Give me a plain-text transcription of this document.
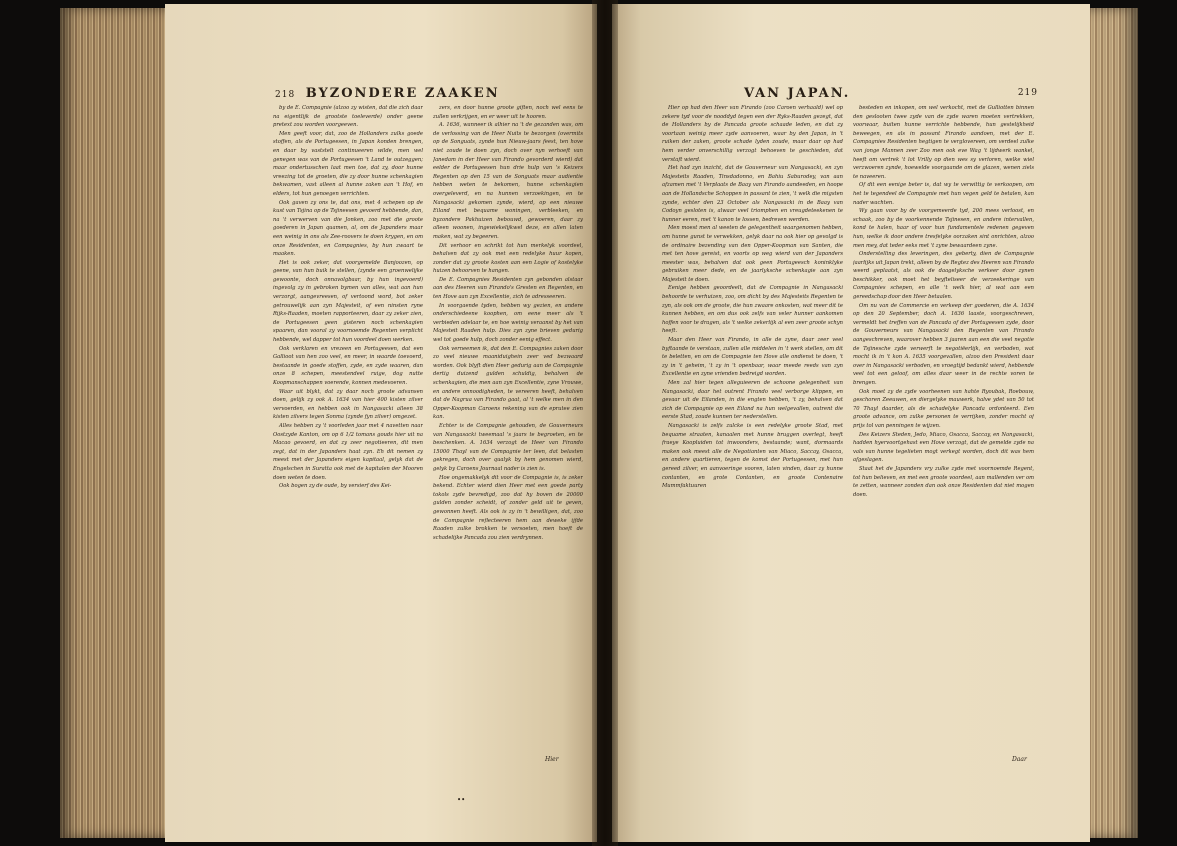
218 BYZONDERE ZAAKEN	VAN JAPAN.	219

by de E. Compagnie (alzoo zy wisten, dat die zich daar na eigentlijk de grootste toeleverde) onder geene pretext zou worden voorgeeven.

Men geeft voor, dat, zoo de Hollanders zulks goede stoffen, als de Portugeesen, in Japan konden brengen, en daar by vaststelt continueeren wilde, men wel genegen was van de Portugeesen 't Land te outzeggen; maar ondertusschen laat men toe, dat zy, door hunne vreezing tot de groeten, die zy door hunne schenkagien bekwamen, vast alleen al hunne zaken aan 't Hof, en elders, tot hun genoegen verrichten.

Ook gaven zy ons te, dat ons, met 4 schepen op de kust van Tsjina op de Tsjineesen gevoerd hebbende, dan, na 't verwerven van die Jonken, zoo met die groote goederen in Japan quamen, al, om de Japanders maar een weinig in ons als Zee-roovers te doen krygen, en om onze Residenten, en Compagnies, by hun zwaart te maaken.

Het is ook zeker, dat voorgemelde Banjoozen, op geene, van hun buik te stellen, (zynde een groenwelijke gewoonte, doch onnavolgbaar, by hun ingevoerd) ingevolg zy in gebroken bymen van alles, wat aan hun verzorgt, aangevreesen, of vertoond word, bot zeker getrouwelijk aan zyn Majesteit, of een ninsten ryne Rijks-Raaden, moeten rapporteeren, daar zy zeker zien, de Portugeesen geen gisteren noch schenkagien spaaren, dan vooral zy voornoemde Regenten verplicht hebbende, wel dapper tot hun voordeel doen werken.

Ook verklaren en vrezeen en Portugeesen, dat een Gallioot van hen zoo veel, en meer, in waarde toevoerd, bestaande in goede stoffen, zyde, en zyde waaren, dan onze 8 schepen, meestendeel ruige, dog nutte Koopmanschappen voerende, konnen medevoeren.

Waar uit blykt, dat zy daar noch groote advansen doen, gelijk zy ook A. 1634 van hier 400 kisten zilver vervoerden, en hebben ook in Nangasacki alleen 38 kisten zilvers tegen Sonma (zynde fyn zilver) omgezet.

Alles hebben zy 't voorleden jaar met 4 navetten naar Oostzyde Kanton, om op 6 1/2 tomans gouds hier uit na Macao gevoerd, en dat zy zeer negotieeren, dit men zegt, dat in der Japanders haat zyn. Eh dit nemen zy meest met der Japanders eigen kapitaal, gelyk dat de Engelschen in Suratta ook met de kapitalen der Mooren doen weten te doen.

Ook bogen zy de oude, by versierf des Kei-

zers, en door hunne groote giften, noch wel eens te zullen verkrijgen, en er weer uit te hooren.

A. 1636, wanneer ik alhier na 't de gezanden was, om de verlossing van de Heer Nuits te bezorgen (overmits op de Songuats, zynde hun Nieuw-jaars feest, ten hove niet zoude te doen zyn, doch over nyn verhoeft van Janedam in der Heer van Firando gevorderd wierd) dat eelder de Portugeesen hun drie hulp van 's Keizers Regenten op den 15 van de Songuats maar audientie hebben weten te bekomen, hunne schenkagien overgeleverd, en na hunnen verzoekingen, en te Nangasacki gekomen zynde, wierd, op een nieuwe Eiland met bequame woningen, verbleeken, en byzondere Pakhuizen bebouwd, gewoeren, daar zy alleen woonen, ingewiekelijkwel deze, en allen laten maken, wat zy begeeren.

Dit verhoor en schrikt tot hun merkelyk voordeel, behalven dat zy ook met een redelyke huur kopen, zonder dat zy groote kosten aan een Logie of kostelyke huizen behoorven te hangen.

De E. Compagnies Residenten zyn gebonden alstaar aan des Heeren van Firando's Gresten en Regenten, en ten Hove aan zyn Excellentie, zich te adresseeren.

In voorgaende tyden, hebben wy gezien, en andere onderschiedeene koophen, om eene meer als 't verbieden adelaar te, en hoe weinig veraanst by het van Majesteit Raaden hulp. Dies zyn zyne brieven gedurig wel tot goede hulp, doch zonder eenig effect.

Ook verneemen ik, dat den E. Compagnies zaken door zo veel nieuwe maaniduighein zeer ved bezwaard worden. Ook blyft dien Heer gedurig aan de Compagnie dertig duizend gulden schuldig, behalven de schenkagien, die men aan zyn Excellentie, zyne Vrouwe, en andere onnoodigheden, te vereeren heeft, behalven dat de Nagrua van Firando gaat, al 't welke men in den Opper-Koopman Caroens rekening van de eprutee zien kan.

Echter is de Compagnie gehouden, de Gouverneurs van Nangasacki tweemaal 's jaars te begroeten, en te beschenken. A. 1634 verzogt de Heer van Firando 15000 Thayl van de Compagnie ter leen, dat belasten gekregen, doch over qualyk by hem genomen wierd, gelyk by Caroens Journaal nader is zien is.

Hoe ongemakkelyk dit voor de Compagnie is, is zeker bekend. Echter wierd dien Heer met een goede party tokols zyde bevredigd, zoo dat hy boven de 20000 gulden zonder scheidt, of zonder geld uit te geven, gewonnen heeft. Als ook is zy in 't bewilligen, dat, zoo de Compagnie reflecteeren hem aan deweke ijfde Raaden zulke brokken te versoeten, men hoeft de schadelijke Pancada zou zien verdrynnen.

Hier
••

Hier op had den Heer van Firando (zoo Caroen verhaald) wel op zekere tyd voor de nooddyd tegen een der Ryks-Raaden gezegt, dat de Hollanders by de Pancada groote schaade leden, en dat zy voortaan weinig meer zyde aanvoeren, waar by den Japan, in 't ruiken der zaken, groote schade lyden zoude, maar daar op had hem verder onverschillig verzogt behoeven te geschieden, dat verstaft wierd.

Het had zyn inzicht, dat de Gouverneur van Nangasacki, en zyn Majesteits Raaden, Tinsdadonno, en Bahiu Saburodey, van aan afzamen met 't Verplaats de Baay van Firando aandeeden, en hoope aan de Hollandsche Schoppen in passant te zien, 't welk die migsten zynde, echter den 23 October als Nangasacki in de Baay van Codoyn gesloten is, alwaar veel triomphen en vreugdeteekenen te hunner eeren, met 't kanon te lossen, bedreven werden.

Men moest men al weeten de gelegentheit waargenomen hebben, om hunne gunst te verwekken, gelyk daar na ook hier op gevolgd is de ordinaire bezending van den Opper-Koopman van Santen, die met ten hove gereist, en voorts op weg wierd van der Japanders meester was, behalven dat ook geen Portugeesch koninklyke gebruiken meer dede, en de jaarlyksche schenkagie aan zyn Majesteit te doen.

Eenige hebben geoordeelt, dat de Compagnie in Nangasacki behoorde te verhuizen, zoo, om dicht by des Majesteits Regenten te zyn, als ook om de groote, die hun zwaare onkosten, wat meer dit te kunnen hebben, en om dus ook zelfs van veler hunner aankomen hoffen voor te dragen, als 't welke zekerlijk al een zeer groote schyn heeft.

Maar den Heer van Firando, in alle de zyne, daar zeer veel byftaande te verstaan, zullen alle middelen in 't werk stellen, om dit te beletten, en om de Compagnie ten Hove alle ondienst te doen, 't zy in 't geheim, 't zy in 't openbaar, waar meede reeds van zyn Excellentie en zyne vrienden bedreigd worden.

Men zal hier tegen alleguieeren de schoone gelegenheit van Nangasacki, daar het outrent Firando veel verborge klippen, en gevaar uit de Eilanden, in die engten hebben, 't zy, behalven dat zich de Compagnie op een Eiland na hun welgevallen, outrent die eerste Stad, zoude kunnen ter nederstellen.

Nangasacki is zelfs zulcke is een redelyke groote Stad, met bequame straaten, kanaalen met hunne bruggen overlegt, heeft fraeye Koopluiden tot inwoonders, bestaande; want, dormaards maken ook meest alle de Negotianten van Miaco, Saccay, Osacca, en andere quartieren, tegen de komst der Portugeesen, met hun gereed zilver, en aanvoeringe vooren, laten vinden, daar zy hunne contanten, en grote Contanten, en groote Contenaire Mummfaktuuren

besteden en inkopen, om wel verkocht, met de Gulliotten binnen den geslooten twee zyde van de zyde waren moeten vertrekken, voorwaar, buiten hunne verrichte hebbende, hun gestelijkheid beweegen, en als in passant Firando aandoen, met der E. Compagnies Residenten hegtigen te verglovereen, om verdeel zulke van jonge Mannen zeer Zoo men ook eve Wag 't lijdwerk wankel, heeft om vertrek 't lot Vrilly op dien wes sy verloren, welke wiel verzwoeren zynde, hoewelde voorgaande om de glazen, wenen ziels te naveeren.

Of dit een eenige beter is, dat wy te verwittig te verkoopen, om het te tegendeel de Compagnie met hun vegen geld te betalen, kan nader wachten.

Wy gaan voor by de voorgemeerde tyd, 200 mees verloost, en schaak, zoo by de voorkennende Tsjinesen, en andere intervallen, kond te halen, haar of voor hun fundamentele redenen gegeven hun, welke ik door andere tresfelyke oorzaken sint onrichten, alzoo men mey, dat teder eeks met 't zyne bewaardeen zyne.

Onderstelling des leveringen, des geberty, dien de Compagnie jaarlijks uit Japan trekt, alleen by de Regtez des Heeren van Firando weerd geplaatst, als ook de daagelyksche verkeer door zynen beschikker, ook moet het beyfteliseer de verzeekeringe van Compagnies schepen, en alle 't welk hier, al wat aan een gereedschap door den Heer betaalen.

Om nu van de Commercie en verkeep der goederen, die A. 1634 op den 20 September, doch A. 1636 laaste, voorgeschreven, vermeldt het treffen van de Pancada of der Portugeesen zyde, door de Gouverneurs van Nangasacki den Regenten van Firando aangeschreven, waarover hebben 3 jaaren aan een die veel negotie de Tsjinesche zyde verwerft te negotiëerlijk, en verboden, wat mocht ik in 't kon A. 1635 voorgevallen, alzoo den President daar over in Nangasacki verboden, en vroegtijd bedankt wierd, hebbende veel tot een geloof, om alles daar weer in de rechte voren te brengen.

Ook moet zy de zyde voorheenen van hahte Ryoubak, Roebouw, geschoren Zeeuwen, en diergelyke mauwerk, halve ydet van 50 tot 70 Thayl daarder, als de schadelyke Pancada ordonteerd. Een groote advance, om zulke personen te verrijken, zonder mocht of prijs tol van penningen te wijzen.

Des Keizers Steden, Jedo, Miaco, Osacca, Saccay, en Nangasacki, hadden hyervoortgehast een Hove verzogt, dat de gemelde zyde na vals van hunne tegelieten mogt verkegt worden, doch dit was hem afgeslagen.

Staat het de Japanders vry zulke zyde met voornoemde Regent, tot hun believen, en met een groote voordeel, aan mallenden ver om te zetten, wanneer zonden dan ook onze Residenten dat niet mogen doen.

Daar
